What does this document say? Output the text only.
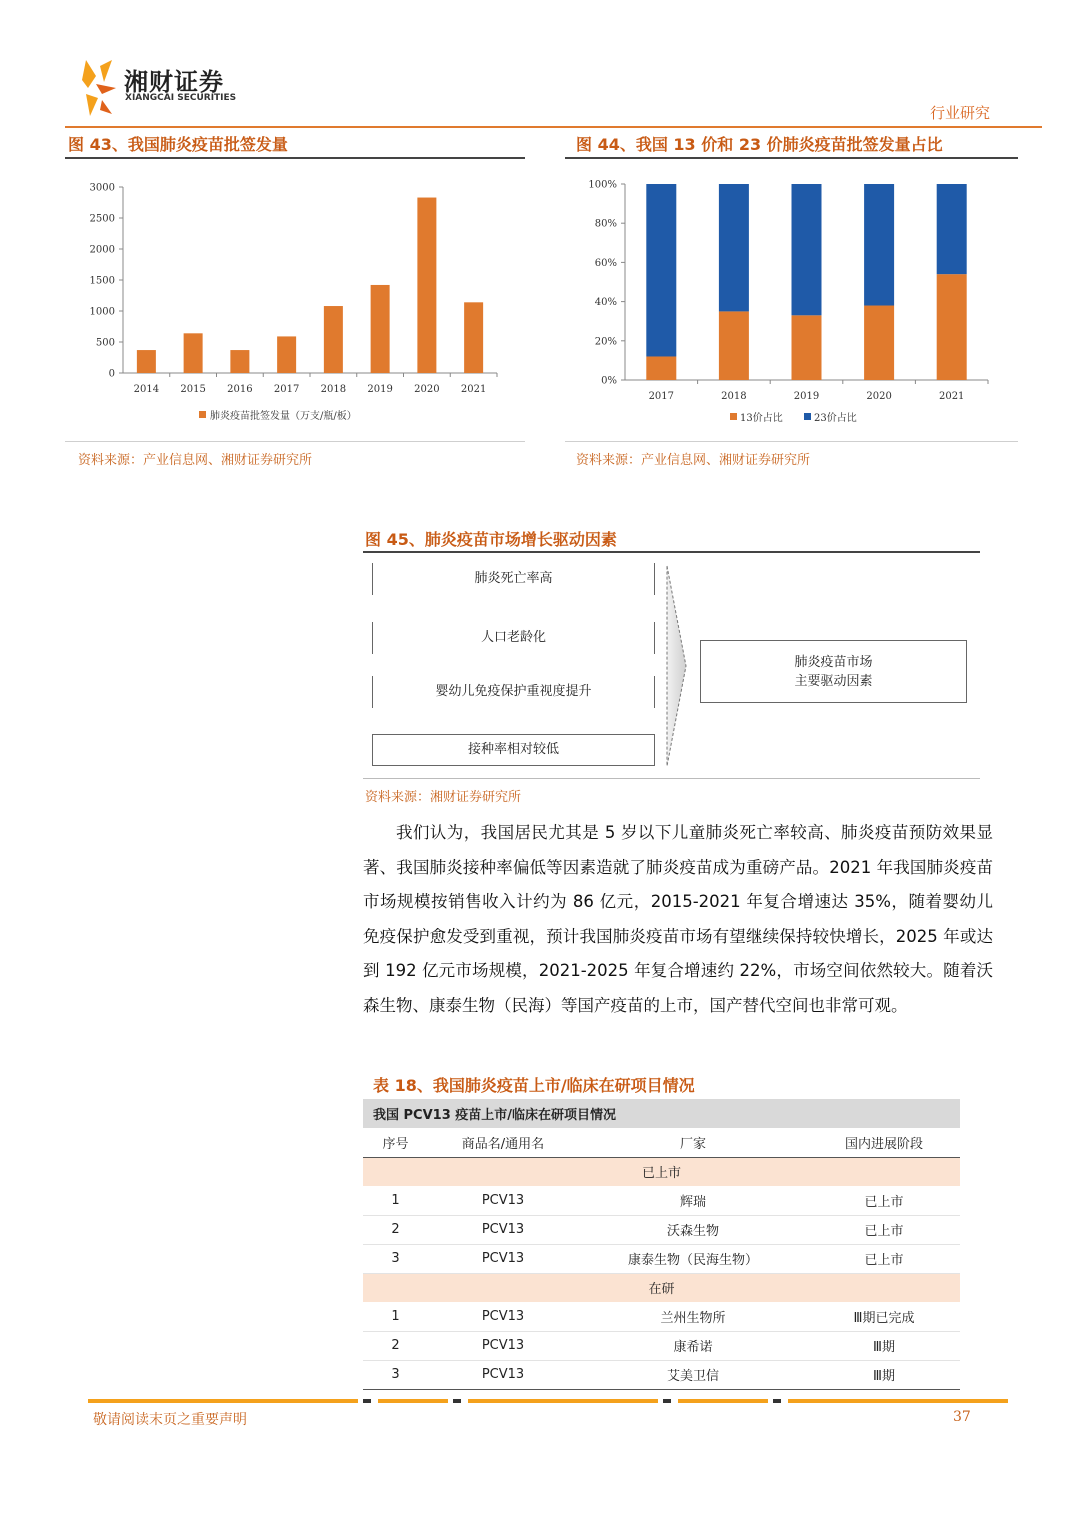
湘财证券
XIANGCAI SECURITIES
行业研究
图 43、我国肺炎疫苗批签发量
0
500
1000
1500
2000
2500
3000
2014 2015 2016 2017 2018 2019 2020 2021
肺炎疫苗批签发量（万支/瓶/板）
资料来源：产业信息网、湘财证券研究所
图 44、我国 13 价和 23 价肺炎疫苗批签发量占比
0%
20%
40%
60%
80%
100%
2017	2018	2019	2020	2021
13价占比	23价占比
资料来源：产业信息网、湘财证券研究所
图 45、肺炎疫苗市场增长驱动因素
肺炎死亡率高
人口老龄化
婴幼儿免疫保护重视度提升
接种率相对较低
肺炎疫苗市场
主要驱动因素
资料来源：湘财证券研究所
我们认为，我国居民尤其是 5 岁以下儿童肺炎死亡率较高、肺炎疫苗预防效果显著、我国肺炎接种率偏低等因素造就了肺炎疫苗成为重磅产品。2021 年我国肺炎疫苗市场规模按销售收入计约为 86 亿元，2015-2021 年复合增速达 35%，随着婴幼儿免疫保护愈发受到重视，预计我国肺炎疫苗市场有望继续保持较快增长，2025 年或达到 192 亿元市场规模，2021-2025 年复合增速约 22%，市场空间依然较大。随着沃森生物、康泰生物（民海）等国产疫苗的上市，国产替代空间也非常可观。
表 18、我国肺炎疫苗上市/临床在研项目情况
我国 PCV13 疫苗上市/临床在研项目情况			
序号	商品名/通用名	厂家	国内进展阶段
已上市			
1	PCV13	辉瑞	已上市
2	PCV13	沃森生物	已上市
3	PCV13	康泰生物（民海生物）	已上市
在研			
1	PCV13	兰州生物所	Ⅲ期已完成
2	PCV13	康希诺	Ⅲ期
3	PCV13	艾美卫信	Ⅲ期
敬请阅读末页之重要声明	37
